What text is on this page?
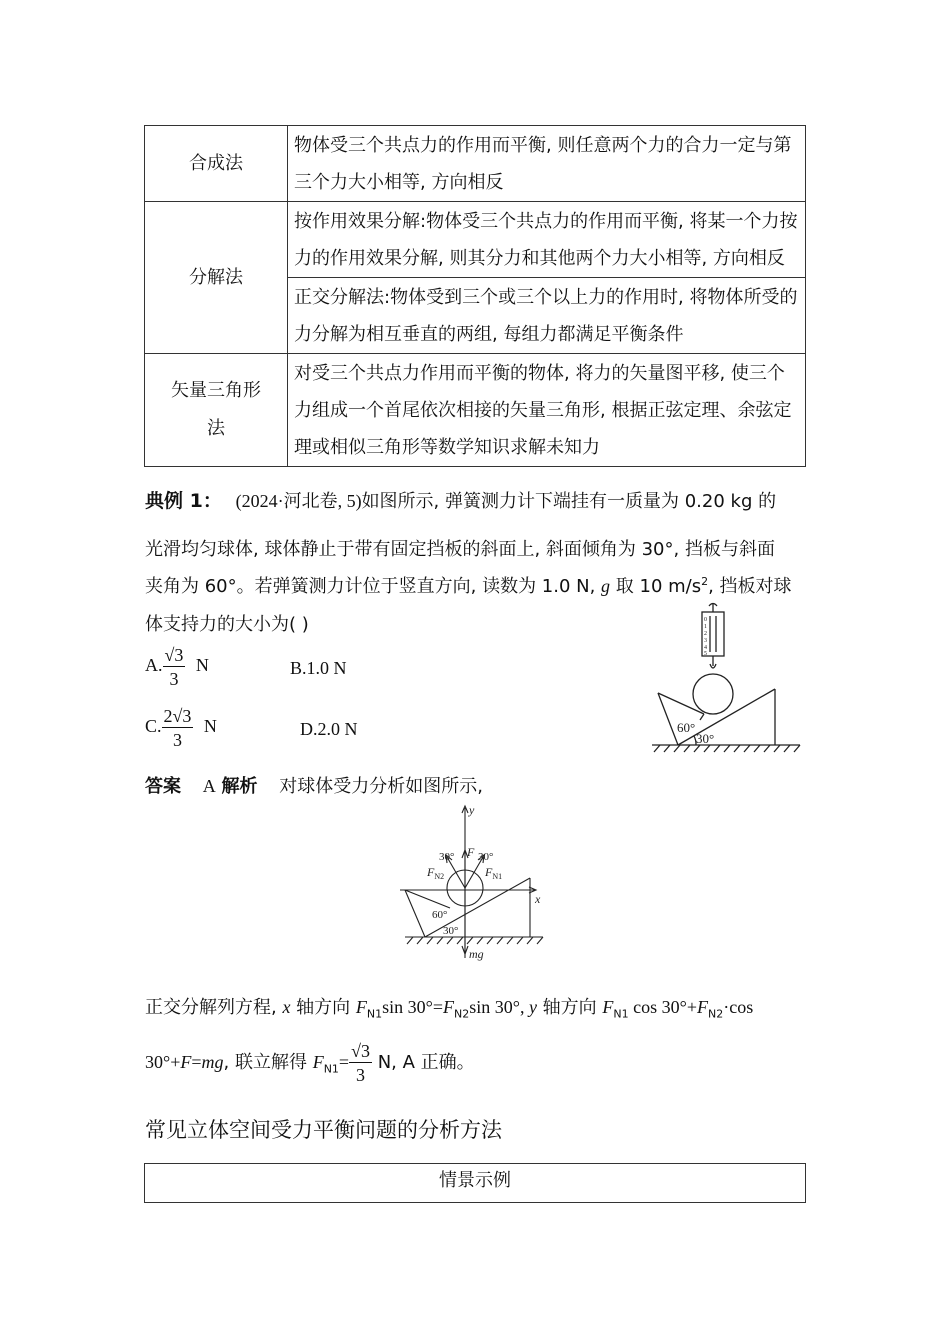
合成法	物体受三个共点力的作用而平衡, 则任意两个力的合力一定与第三个力大小相等, 方向相反
分解法	按作用效果分解:物体受三个共点力的作用而平衡, 将某一个力按力的作用效果分解, 则其分力和其他两个力大小相等, 方向相反
	正交分解法:物体受到三个或三个以上力的作用时, 将物体所受的力分解为相互垂直的两组, 每组力都满足平衡条件
矢量三角形法	对受三个共点力作用而平衡的物体, 将力的矢量图平移, 使三个力组成一个首尾依次相接的矢量三角形, 根据正弦定理、余弦定理或相似三角形等数学知识求解未知力
典例 1： (2024·河北卷, 5)如图所示, 弹簧测力计下端挂有一质量为 0.20 kg 的
光滑均匀球体, 球体静止于带有固定挡板的斜面上, 斜面倾角为 30°, 挡板与斜面
夹角为 60°。若弹簧测力计位于竖直方向, 读数为 1.0 N, g 取 10 $m/s^2$, 挡板对球
体支持力的大小为( )
A. $\frac{√3}{3}$ N	B.1.0 N
C. $\frac{2√3}{3}$ N	D.2.0 N
0
1
2
3
4
5
60°
30°
答案 A 解析 对球体受力分析如图所示,
y
x
F
$F_{N1}$
$F_{N2}$
mg
30° 30°
60°
30°
正交分解列方程, x 轴方向 $F_{N1}\sin$ $30^\circ=F_{N2}\sin$ 30°, y 轴方向 $F_{N1}$ $\cos 30^\circ+F_{N2}\cdot\cos$
30°+F=mg, 联立解得 $F_{N1}= \frac{√3}{3} N$, A 正确。
常见立体空间受力平衡问题的分析方法
情景示例
